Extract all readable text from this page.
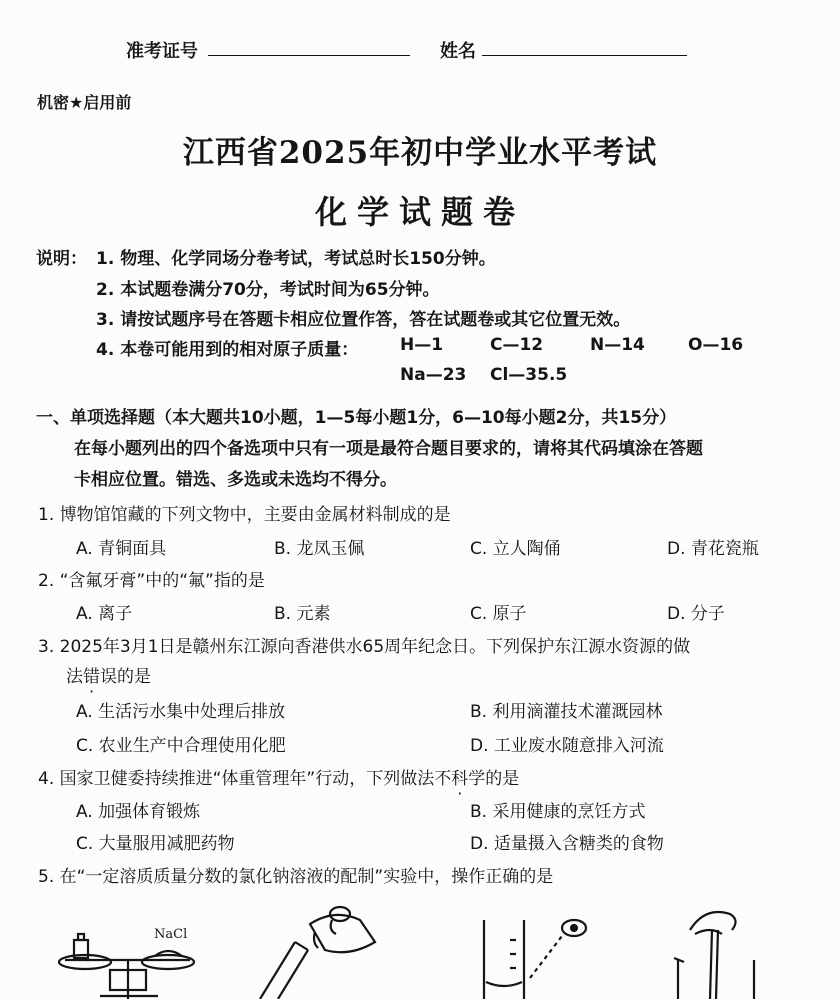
准考证号	姓名
机密★启用前
江西省2025年初中学业水平考试
化学试题卷
说明： 1. 物理、化学同场分卷考试，考试总时长150分钟。
2. 本试题卷满分70分，考试时间为65分钟。
3. 请按试题序号在答题卡相应位置作答，答在试题卷或其它位置无效。
4. 本卷可能用到的相对原子质量： H—1	C—12	N—14	O—16
Na—23 Cl—35.5
一、单项选择题（本大题共10小题，1—5每小题1分，6—10每小题2分，共15分）
在每小题列出的四个备选项中只有一项是最符合题目要求的，请将其代码填涂在答题
卡相应位置。错选、多选或未选均不得分。
1. 博物馆馆藏的下列文物中，主要由金属材料制成的是
A. 青铜面具	B. 龙凤玉佩	C. 立人陶俑	D. 青花瓷瓶
2. “含氟牙膏”中的“氟”指的是
A. 离子	B. 元素	C. 原子	D. 分子
3. 2025年3月1日是赣州东江源向香港供水65周年纪念日。下列保护东江源水资源的做
法错误的是
A. 生活污水集中处理后排放	B. 利用滴灌技术灌溉园林
C. 农业生产中合理使用化肥	D. 工业废水随意排入河流
4. 国家卫健委持续推进“体重管理年”行动，下列做法不科学的是
A. 加强体育锻炼	B. 采用健康的烹饪方式
C. 大量服用减肥药物	D. 适量摄入含糖类的食物
5. 在“一定溶质质量分数的氯化钠溶液的配制”实验中，操作正确的是
NaCl
